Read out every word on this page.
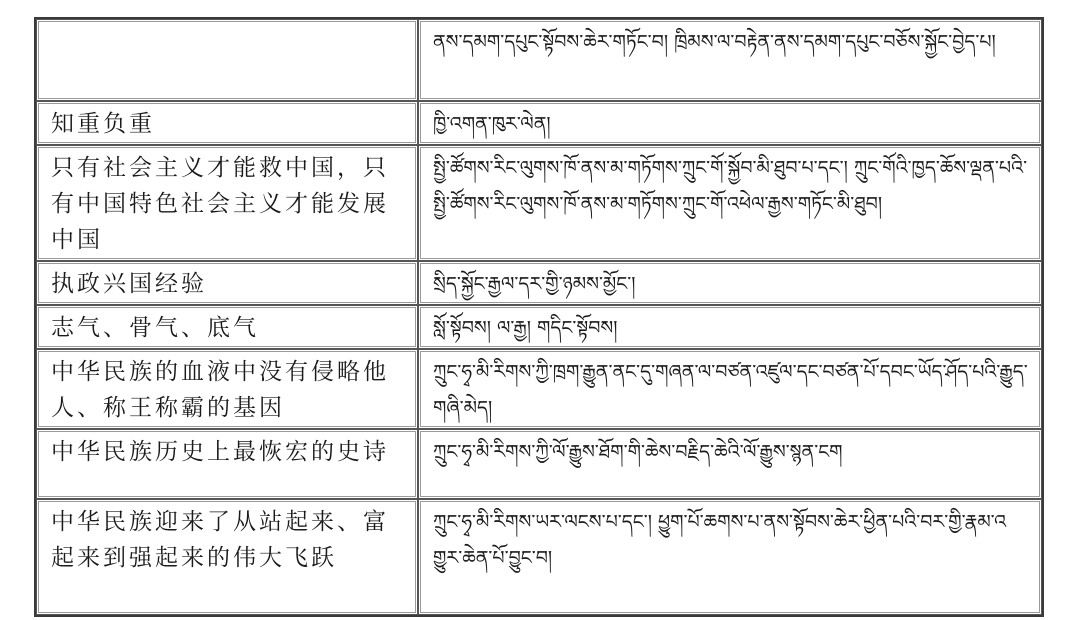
	ནས་དམག་དཔུང་སྟོབས་ཆེར་གཏོང་བ། ཁྲིམས་ལ་བརྟེན་ནས་དམག་དཔུང་བཅོས་སྐྱོང་བྱེད་པ།
知重负重	ཁྱི་འགན་ཁུར་ལེན།
只有社会主义才能救中国，只有中国特色社会主义才能发展中国	སྤྱི་ཚོགས་རིང་ལུགས་ཁོ་ནས་མ་གཏོགས་ཀྲུང་གོ་སྐྱོབ་མི་ཐུབ་པ་དང་། ཀྲུང་གོའི་ཁྱད་ཆོས་ལྡན་པའི་སྤྱི་ཚོགས་རིང་ལུགས་ཁོ་ནས་མ་གཏོགས་ཀྲུང་གོ་འཕེལ་རྒྱས་གཏོང་མི་ཐུབ།
执政兴国经验	སྲིད་སྐྱོང་རྒྱལ་དར་གྱི་ཉམས་མྱོང་།
志气、骨气、底气	སློ་སྟོབས། ལ་རྒྱ། གདིང་སྟོབས།
中华民族的血液中没有侵略他人、称王称霸的基因	ཀྲུང་ཧྭ་མི་རིགས་ཀྱི་ཁྲག་རྒྱུན་ནང་དུ་གཞན་ལ་བཙན་འཛུལ་དང་བཙན་པོ་དབང་ཡོད་ཤོད་པའི་རྒྱུད་གཞི་མེད།
中华民族历史上最恢宏的史诗	ཀྲུང་ཧྭ་མི་རིགས་ཀྱི་ལོ་རྒྱུས་ཐོག་གི་ཆེས་བརྗིད་ཆེའི་ལོ་རྒྱུས་སྙན་ངག
中华民族迎来了从站起来、富起来到强起来的伟大飞跃	ཀྲུང་ཧྭ་མི་རིགས་ཡར་ལངས་པ་དང་། ཕྱུག་པོ་ཆགས་པ་ནས་སྟོབས་ཆེར་ཕྱིན་པའི་བར་གྱི་རྣམ་འགྱུར་ཆེན་པོ་བྱུང་བ།
